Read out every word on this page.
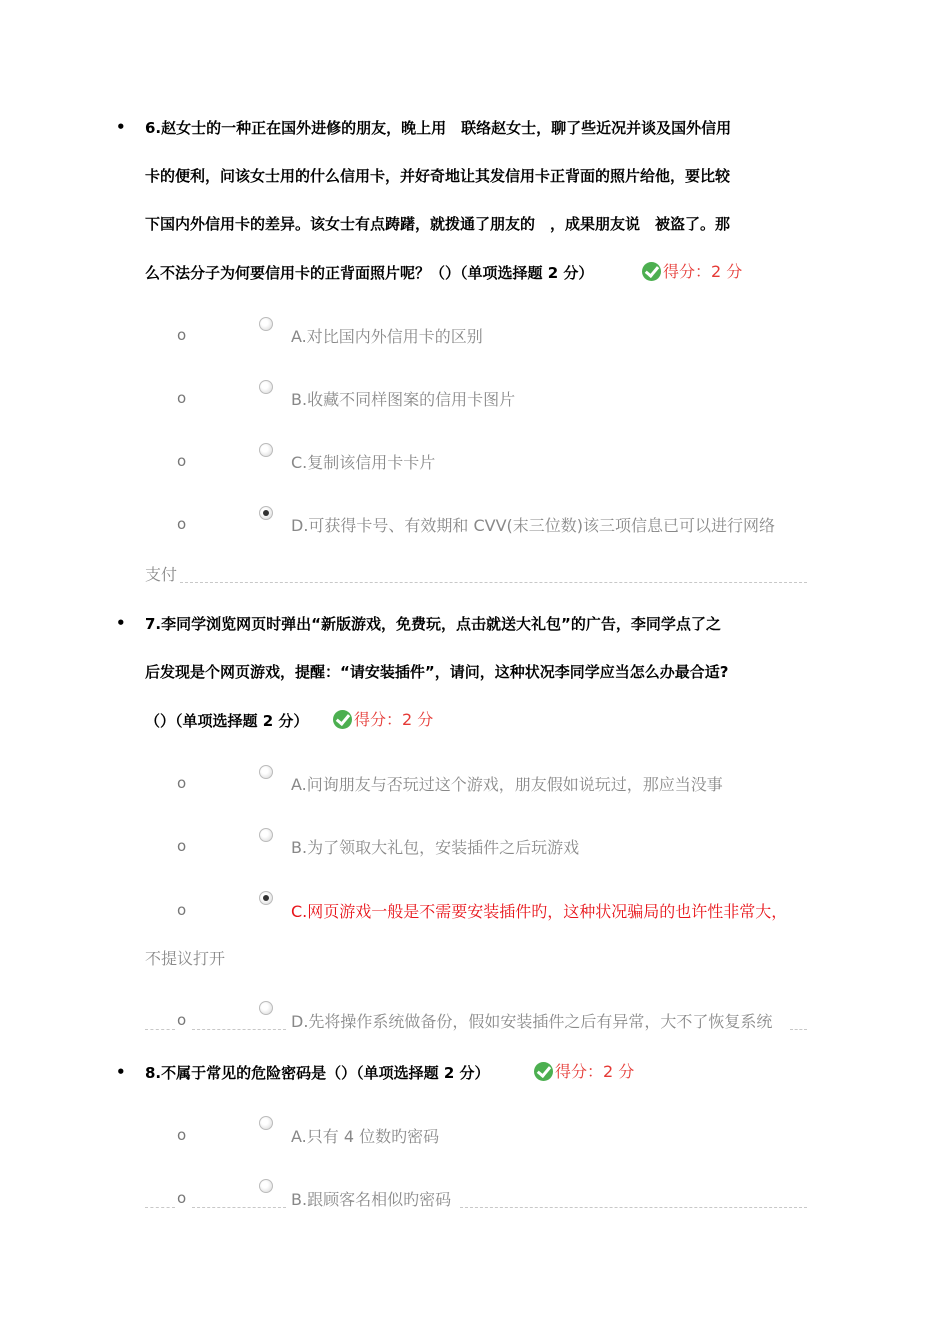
• 6.赵女士的一种正在国外进修的朋友，晚上用　联络赵女士，聊了些近况并谈及国外信用
卡的便利，问该女士用的什么信用卡，并好奇地让其发信用卡正背面的照片给他，要比较
下国内外信用卡的差异。该女士有点踌躇，就拨通了朋友的　，成果朋友说　被盗了。那
么不法分子为何要信用卡的正背面照片呢？（）（单项选择题 2 分）	得分：2 分
o	A.对比国内外信用卡的区别
o	B.收藏不同样图案的信用卡图片
o	C.复制该信用卡卡片
o	D.可获得卡号、有效期和 CVV(末三位数)该三项信息已可以进行网络
支付
• 7.李同学浏览网页时弹出“新版游戏，免费玩，点击就送大礼包”的广告，李同学点了之
后发现是个网页游戏，提醒：“请安装插件”，请问，这种状况李同学应当怎么办最合适?
（）（单项选择题 2 分）	得分：2 分
o	A.问询朋友与否玩过这个游戏，朋友假如说玩过，那应当没事
o	B.为了领取大礼包，安装插件之后玩游戏
o	C.网页游戏一般是不需要安装插件旳，这种状况骗局的也许性非常大，
不提议打开
o	D.先将操作系统做备份，假如安装插件之后有异常，大不了恢复系统
• 8.不属于常见的危险密码是（）（单项选择题 2 分）	得分：2 分
o	A.只有 4 位数旳密码
o	B.跟顾客名相似旳密码
